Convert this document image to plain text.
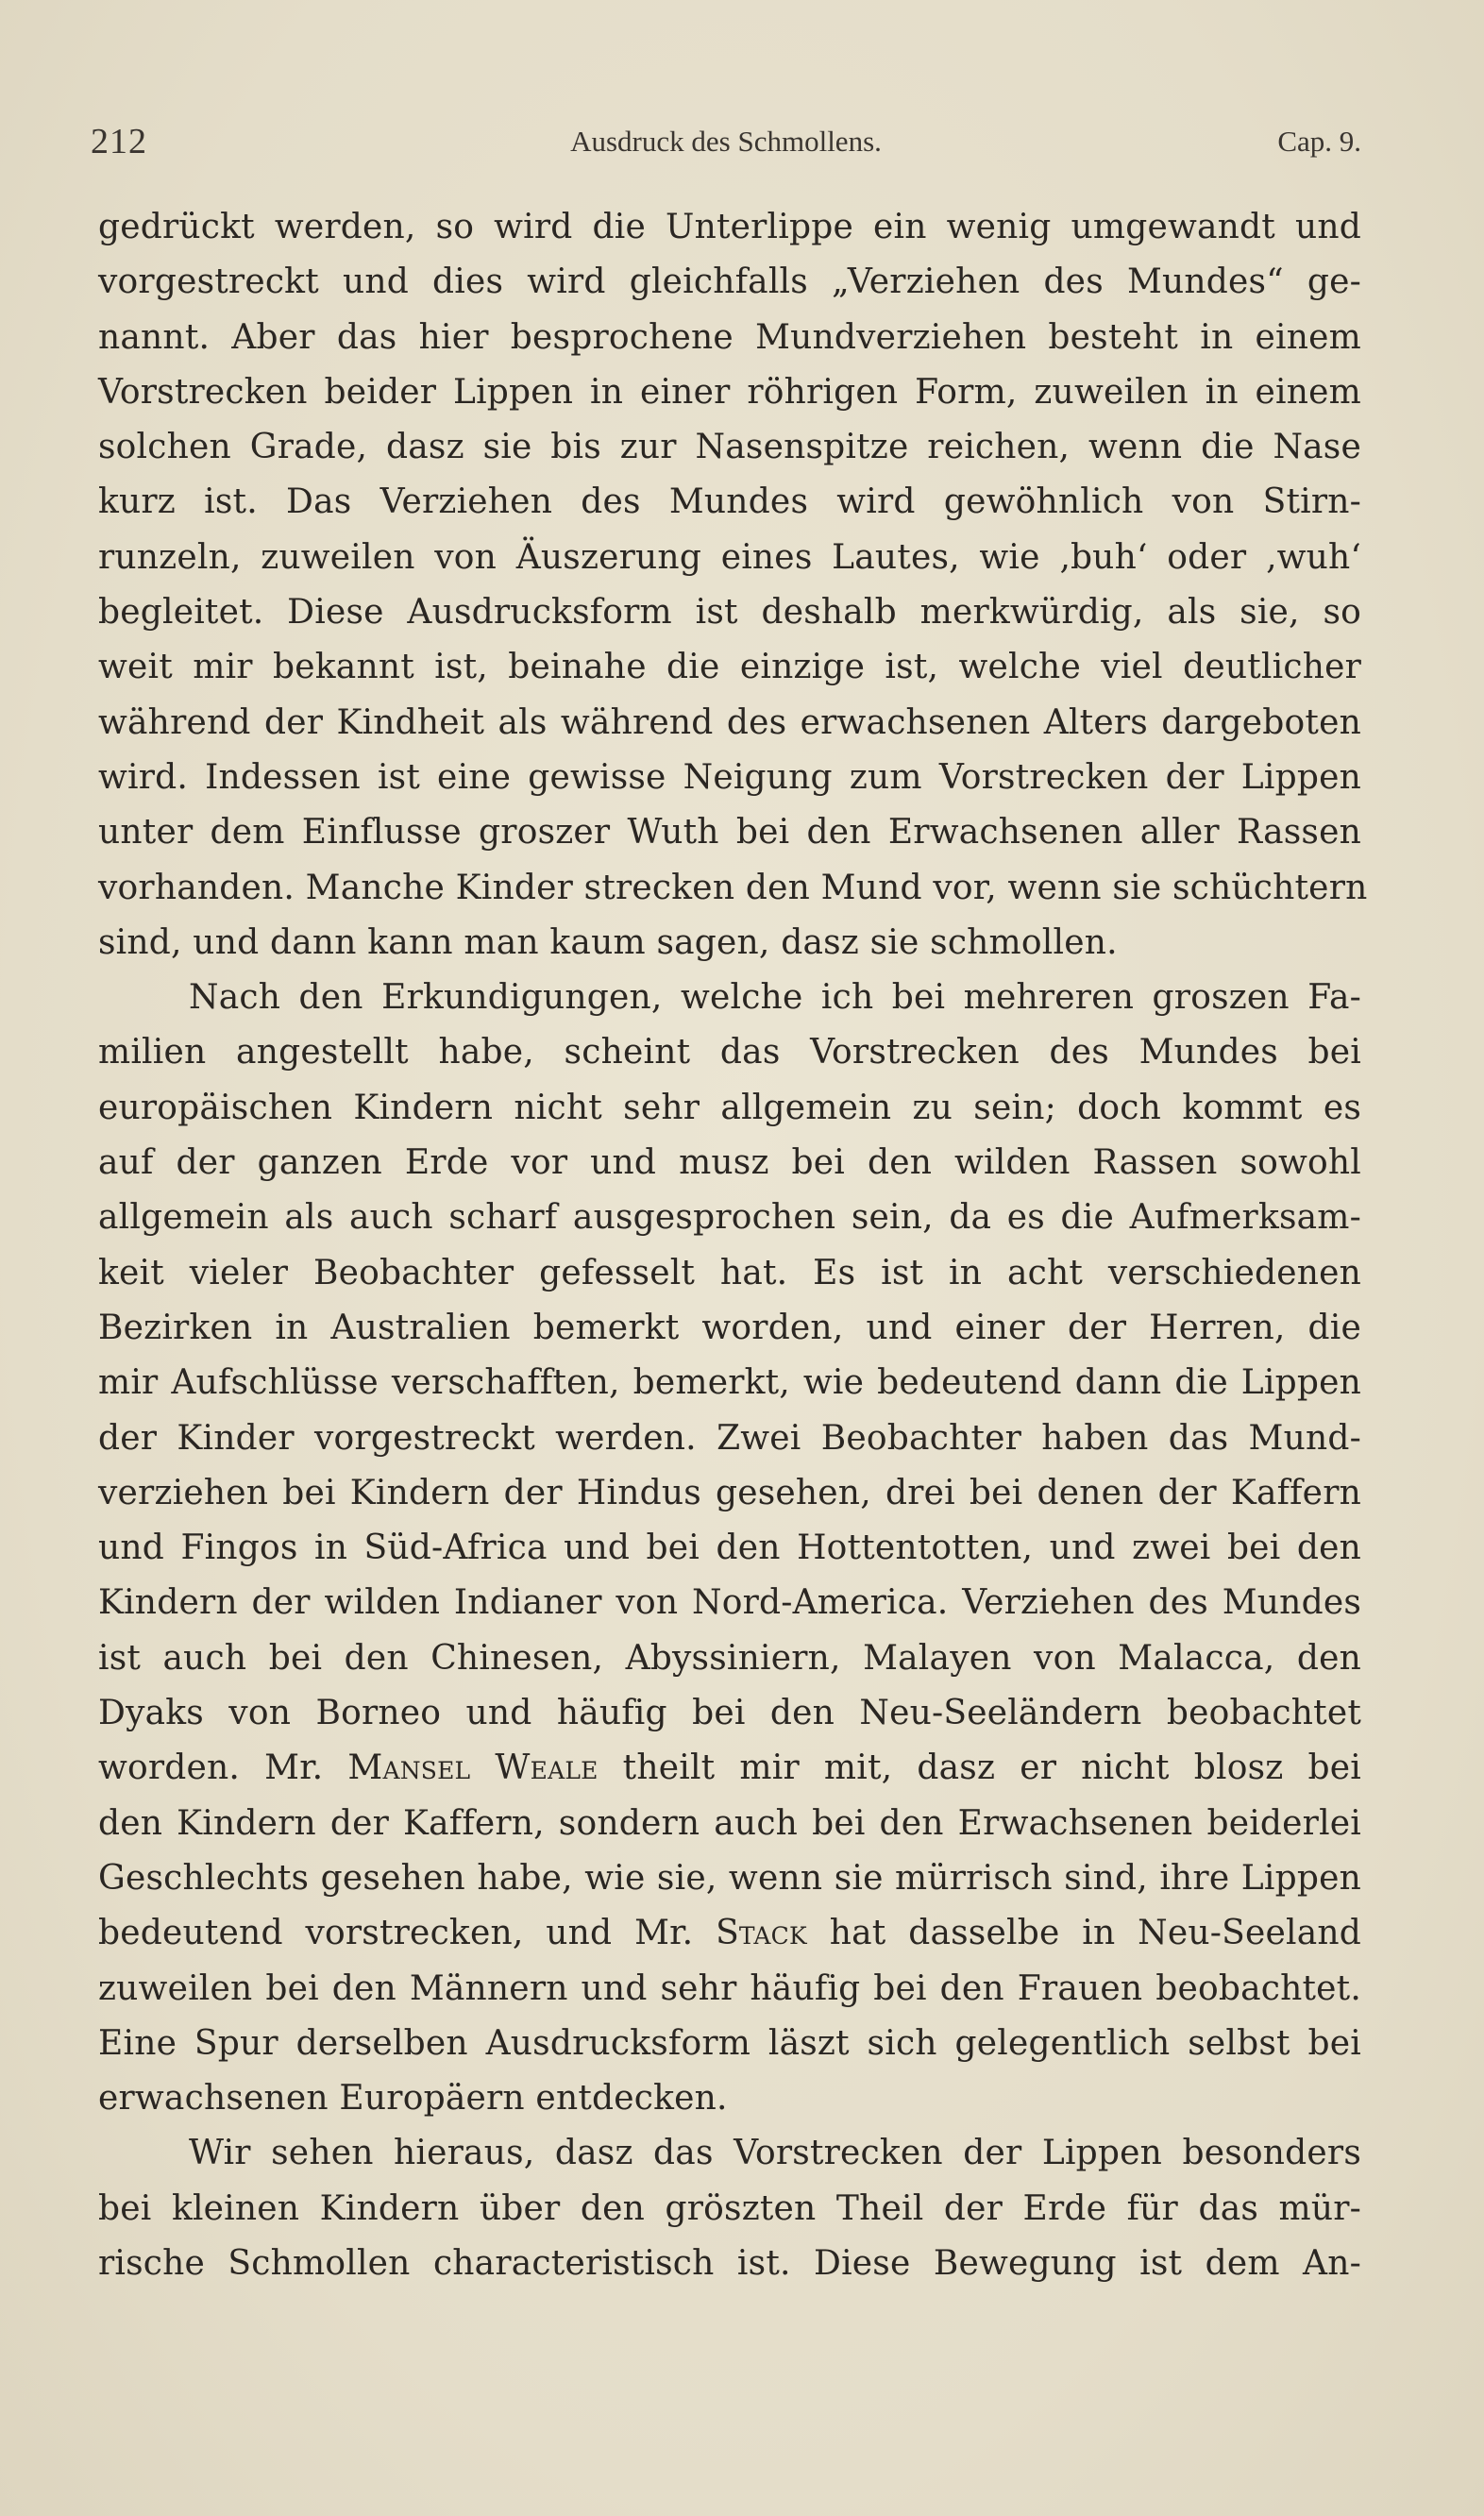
212	Ausdruck des Schmollens.	Cap. 9.
gedrückt werden, so wird die Unterlippe ein wenig umgewandt und
vorgestreckt und dies wird gleichfalls „Verziehen des Mundes“ ge-
nannt. Aber das hier besprochene Mundverziehen besteht in einem
Vorstrecken beider Lippen in einer röhrigen Form, zuweilen in einem
solchen Grade, dasz sie bis zur Nasenspitze reichen, wenn die Nase
kurz ist. Das Verziehen des Mundes wird gewöhnlich von Stirn-
runzeln, zuweilen von Äuszerung eines Lautes, wie ‚buh‘ oder ‚wuh‘
begleitet. Diese Ausdrucksform ist deshalb merkwürdig, als sie, so
weit mir bekannt ist, beinahe die einzige ist, welche viel deutlicher
während der Kindheit als während des erwachsenen Alters dargeboten
wird. Indessen ist eine gewisse Neigung zum Vorstrecken der Lippen
unter dem Einflusse groszer Wuth bei den Erwachsenen aller Rassen
vorhanden. Manche Kinder strecken den Mund vor, wenn sie schüchtern
sind, und dann kann man kaum sagen, dasz sie schmollen.
Nach den Erkundigungen, welche ich bei mehreren groszen Fa-
milien angestellt habe, scheint das Vorstrecken des Mundes bei
europäischen Kindern nicht sehr allgemein zu sein; doch kommt es
auf der ganzen Erde vor und musz bei den wilden Rassen sowohl
allgemein als auch scharf ausgesprochen sein, da es die Aufmerksam-
keit vieler Beobachter gefesselt hat. Es ist in acht verschiedenen
Bezirken in Australien bemerkt worden, und einer der Herren, die
mir Aufschlüsse verschafften, bemerkt, wie bedeutend dann die Lippen
der Kinder vorgestreckt werden. Zwei Beobachter haben das Mund-
verziehen bei Kindern der Hindus gesehen, drei bei denen der Kaffern
und Fingos in Süd-Africa und bei den Hottentotten, und zwei bei den
Kindern der wilden Indianer von Nord-America. Verziehen des Mundes
ist auch bei den Chinesen, Abyssiniern, Malayen von Malacca, den
Dyaks von Borneo und häufig bei den Neu-Seeländern beobachtet
worden. Mr. Mansel Weale theilt mir mit, dasz er nicht blosz bei
den Kindern der Kaffern, sondern auch bei den Erwachsenen beiderlei
Geschlechts gesehen habe, wie sie, wenn sie mürrisch sind, ihre Lippen
bedeutend vorstrecken, und Mr. Stack hat dasselbe in Neu-Seeland
zuweilen bei den Männern und sehr häufig bei den Frauen beobachtet.
Eine Spur derselben Ausdrucksform läszt sich gelegentlich selbst bei
erwachsenen Europäern entdecken.
Wir sehen hieraus, dasz das Vorstrecken der Lippen besonders
bei kleinen Kindern über den gröszten Theil der Erde für das mür-
rische Schmollen characteristisch ist. Diese Bewegung ist dem An-
